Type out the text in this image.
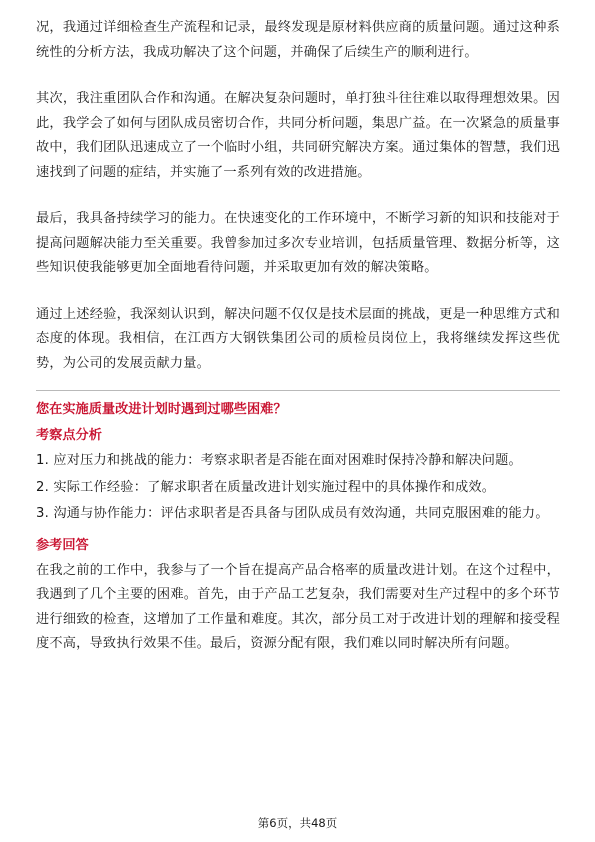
况，我通过详细检查生产流程和记录，最终发现是原材料供应商的质量问题。通过这种系统性的分析方法，我成功解决了这个问题，并确保了后续生产的顺利进行。

其次，我注重团队合作和沟通。在解决复杂问题时，单打独斗往往难以取得理想效果。因此，我学会了如何与团队成员密切合作，共同分析问题，集思广益。在一次紧急的质量事故中，我们团队迅速成立了一个临时小组，共同研究解决方案。通过集体的智慧，我们迅速找到了问题的症结，并实施了一系列有效的改进措施。

最后，我具备持续学习的能力。在快速变化的工作环境中，不断学习新的知识和技能对于提高问题解决能力至关重要。我曾参加过多次专业培训，包括质量管理、数据分析等，这些知识使我能够更加全面地看待问题，并采取更加有效的解决策略。

通过上述经验，我深刻认识到，解决问题不仅仅是技术层面的挑战，更是一种思维方式和态度的体现。我相信，在江西方大钢铁集团公司的质检员岗位上，我将继续发挥这些优势，为公司的发展贡献力量。

您在实施质量改进计划时遇到过哪些困难？
考察点分析
1. 应对压力和挑战的能力：考察求职者是否能在面对困难时保持冷静和解决问题。
2. 实际工作经验：了解求职者在质量改进计划实施过程中的具体操作和成效。
3. 沟通与协作能力：评估求职者是否具备与团队成员有效沟通，共同克服困难的能力。
参考回答

在我之前的工作中，我参与了一个旨在提高产品合格率的质量改进计划。在这个过程中，我遇到了几个主要的困难。首先，由于产品工艺复杂，我们需要对生产过程中的多个环节进行细致的检查，这增加了工作量和难度。其次，部分员工对于改进计划的理解和接受程度不高，导致执行效果不佳。最后，资源分配有限，我们难以同时解决所有问题。

第6页，共48页
